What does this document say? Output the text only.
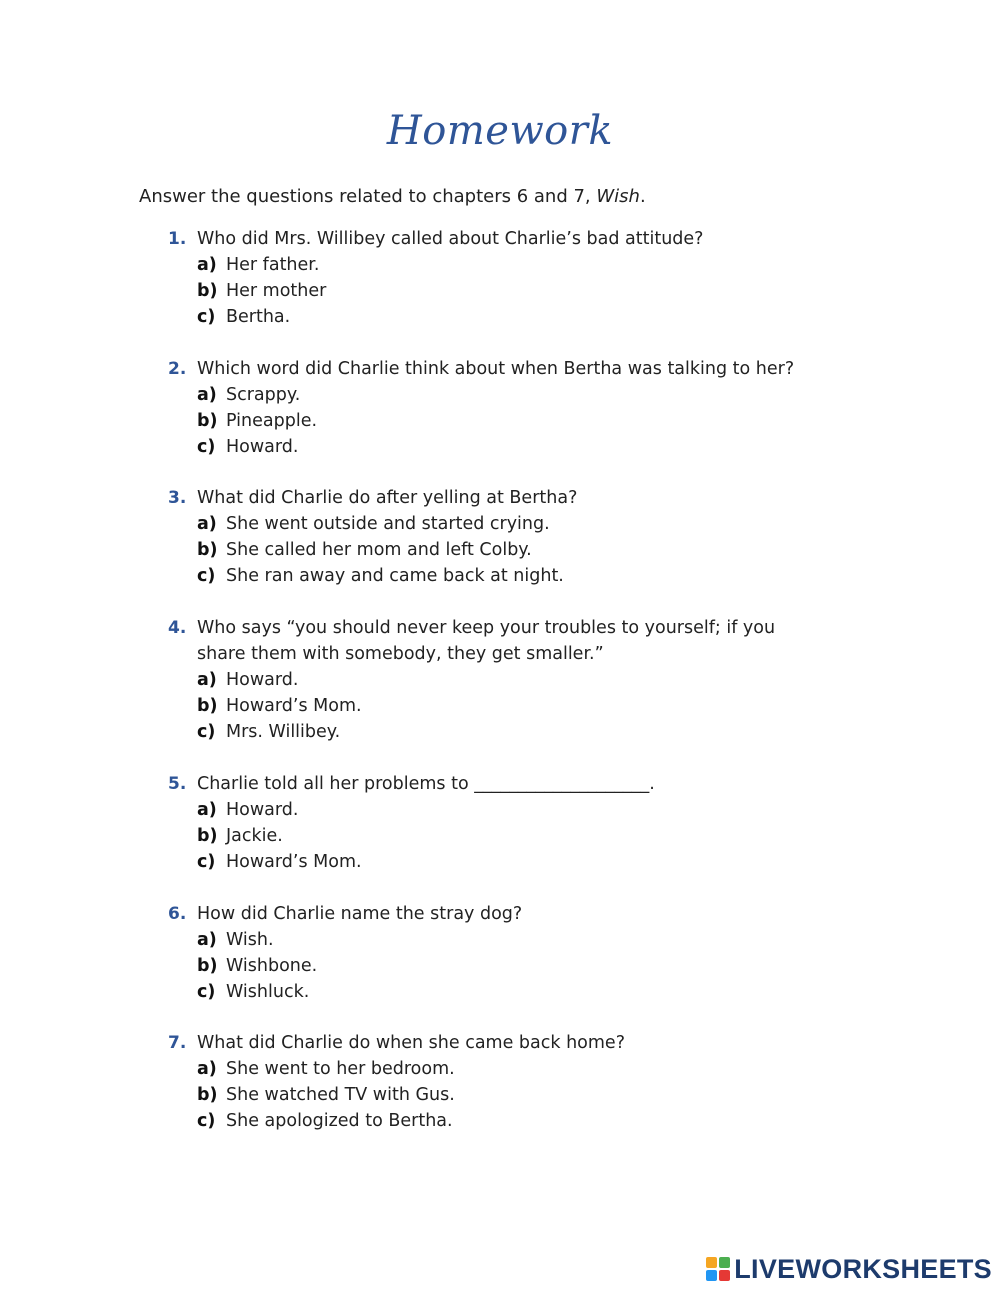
Homework
Answer the questions related to chapters 6 and 7, Wish.
1. Who did Mrs. Willibey called about Charlie’s bad attitude?
a) Her father.
b) Her mother
c) Bertha.
2. Which word did Charlie think about when Bertha was talking to her?
a) Scrappy.
b) Pineapple.
c) Howard.
3. What did Charlie do after yelling at Bertha?
a) She went outside and started crying.
b) She called her mom and left Colby.
c) She ran away and came back at night.
4. Who says “you should never keep your troubles to yourself; if you share them with somebody, they get smaller.”
a) Howard.
b) Howard’s Mom.
c) Mrs. Willibey.
5. Charlie told all her problems to ____________________.
a) Howard.
b) Jackie.
c) Howard’s Mom.
6. How did Charlie name the stray dog?
a) Wish.
b) Wishbone.
c) Wishluck.
7. What did Charlie do when she came back home?
a) She went to her bedroom.
b) She watched TV with Gus.
c) She apologized to Bertha.
LIVEWORKSHEETS
